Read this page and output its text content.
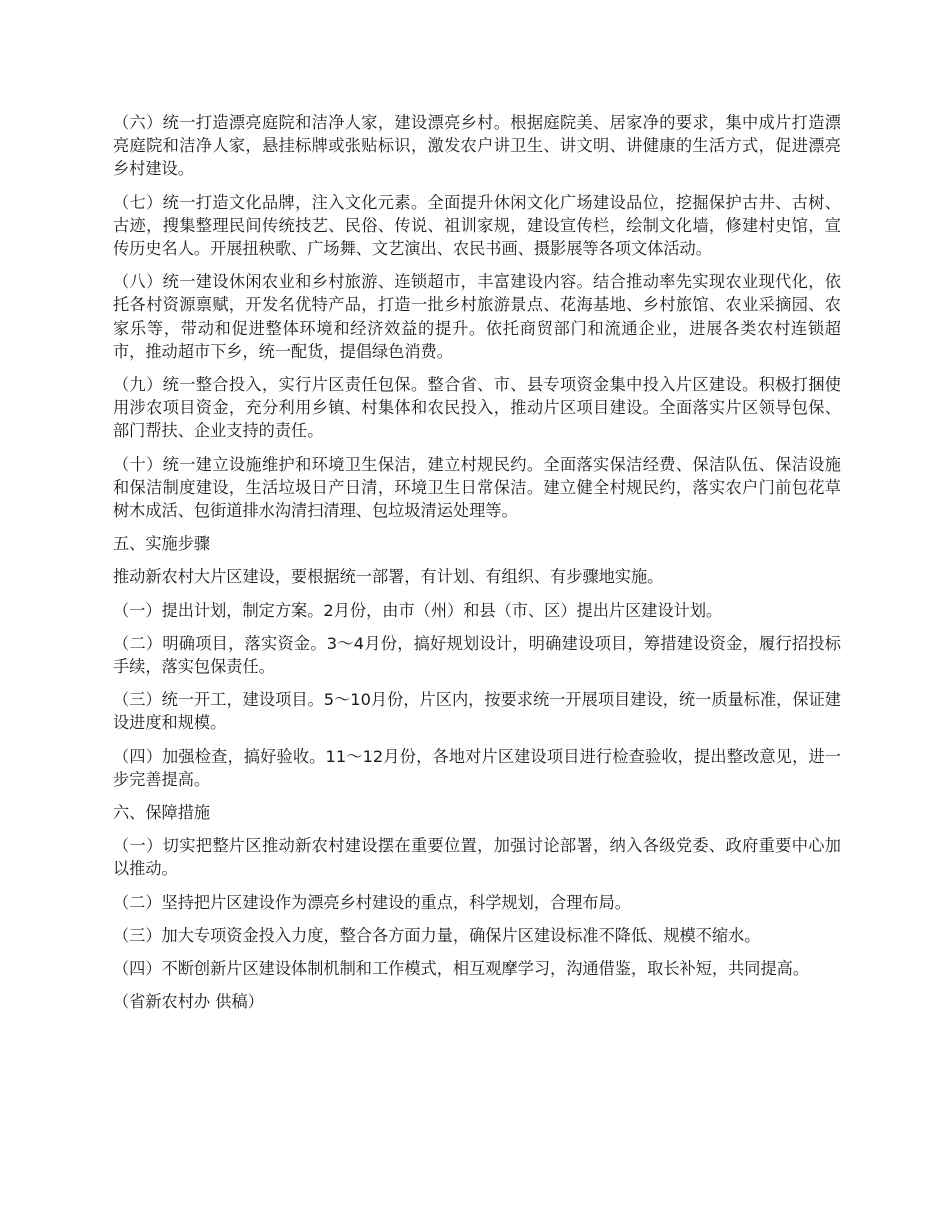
（六）统一打造漂亮庭院和洁净人家，建设漂亮乡村。根据庭院美、居家净的要求，集中成片打造漂亮庭院和洁净人家，悬挂标牌或张贴标识，激发农户讲卫生、讲文明、讲健康的生活方式，促进漂亮乡村建设。

（七）统一打造文化品牌，注入文化元素。全面提升休闲文化广场建设品位，挖掘保护古井、古树、古迹，搜集整理民间传统技艺、民俗、传说、祖训家规，建设宣传栏，绘制文化墙，修建村史馆，宣传历史名人。开展扭秧歌、广场舞、文艺演出、农民书画、摄影展等各项文体活动。

（八）统一建设休闲农业和乡村旅游、连锁超市，丰富建设内容。结合推动率先实现农业现代化，依托各村资源禀赋，开发名优特产品，打造一批乡村旅游景点、花海基地、乡村旅馆、农业采摘园、农家乐等，带动和促进整体环境和经济效益的提升。依托商贸部门和流通企业，进展各类农村连锁超市，推动超市下乡，统一配货，提倡绿色消费。

（九）统一整合投入，实行片区责任包保。整合省、市、县专项资金集中投入片区建设。积极打捆使用涉农项目资金，充分利用乡镇、村集体和农民投入，推动片区项目建设。全面落实片区领导包保、部门帮扶、企业支持的责任。

（十）统一建立设施维护和环境卫生保洁，建立村规民约。全面落实保洁经费、保洁队伍、保洁设施和保洁制度建设，生活垃圾日产日清，环境卫生日常保洁。建立健全村规民约，落实农户门前包花草树木成活、包街道排水沟清扫清理、包垃圾清运处理等。

五、实施步骤

推动新农村大片区建设，要根据统一部署，有计划、有组织、有步骤地实施。

（一）提出计划，制定方案。2月份，由市（州）和县（市、区）提出片区建设计划。

（二）明确项目，落实资金。3～4月份，搞好规划设计，明确建设项目，筹措建设资金，履行招投标手续，落实包保责任。

（三）统一开工，建设项目。5～10月份，片区内，按要求统一开展项目建设，统一质量标准，保证建设进度和规模。

（四）加强检查，搞好验收。11～12月份，各地对片区建设项目进行检查验收，提出整改意见，进一步完善提高。

六、保障措施

（一）切实把整片区推动新农村建设摆在重要位置，加强讨论部署，纳入各级党委、政府重要中心加以推动。

（二）坚持把片区建设作为漂亮乡村建设的重点，科学规划，合理布局。

（三）加大专项资金投入力度，整合各方面力量，确保片区建设标准不降低、规模不缩水。

（四）不断创新片区建设体制机制和工作模式，相互观摩学习，沟通借鉴，取长补短，共同提高。

（省新农村办 供稿）
